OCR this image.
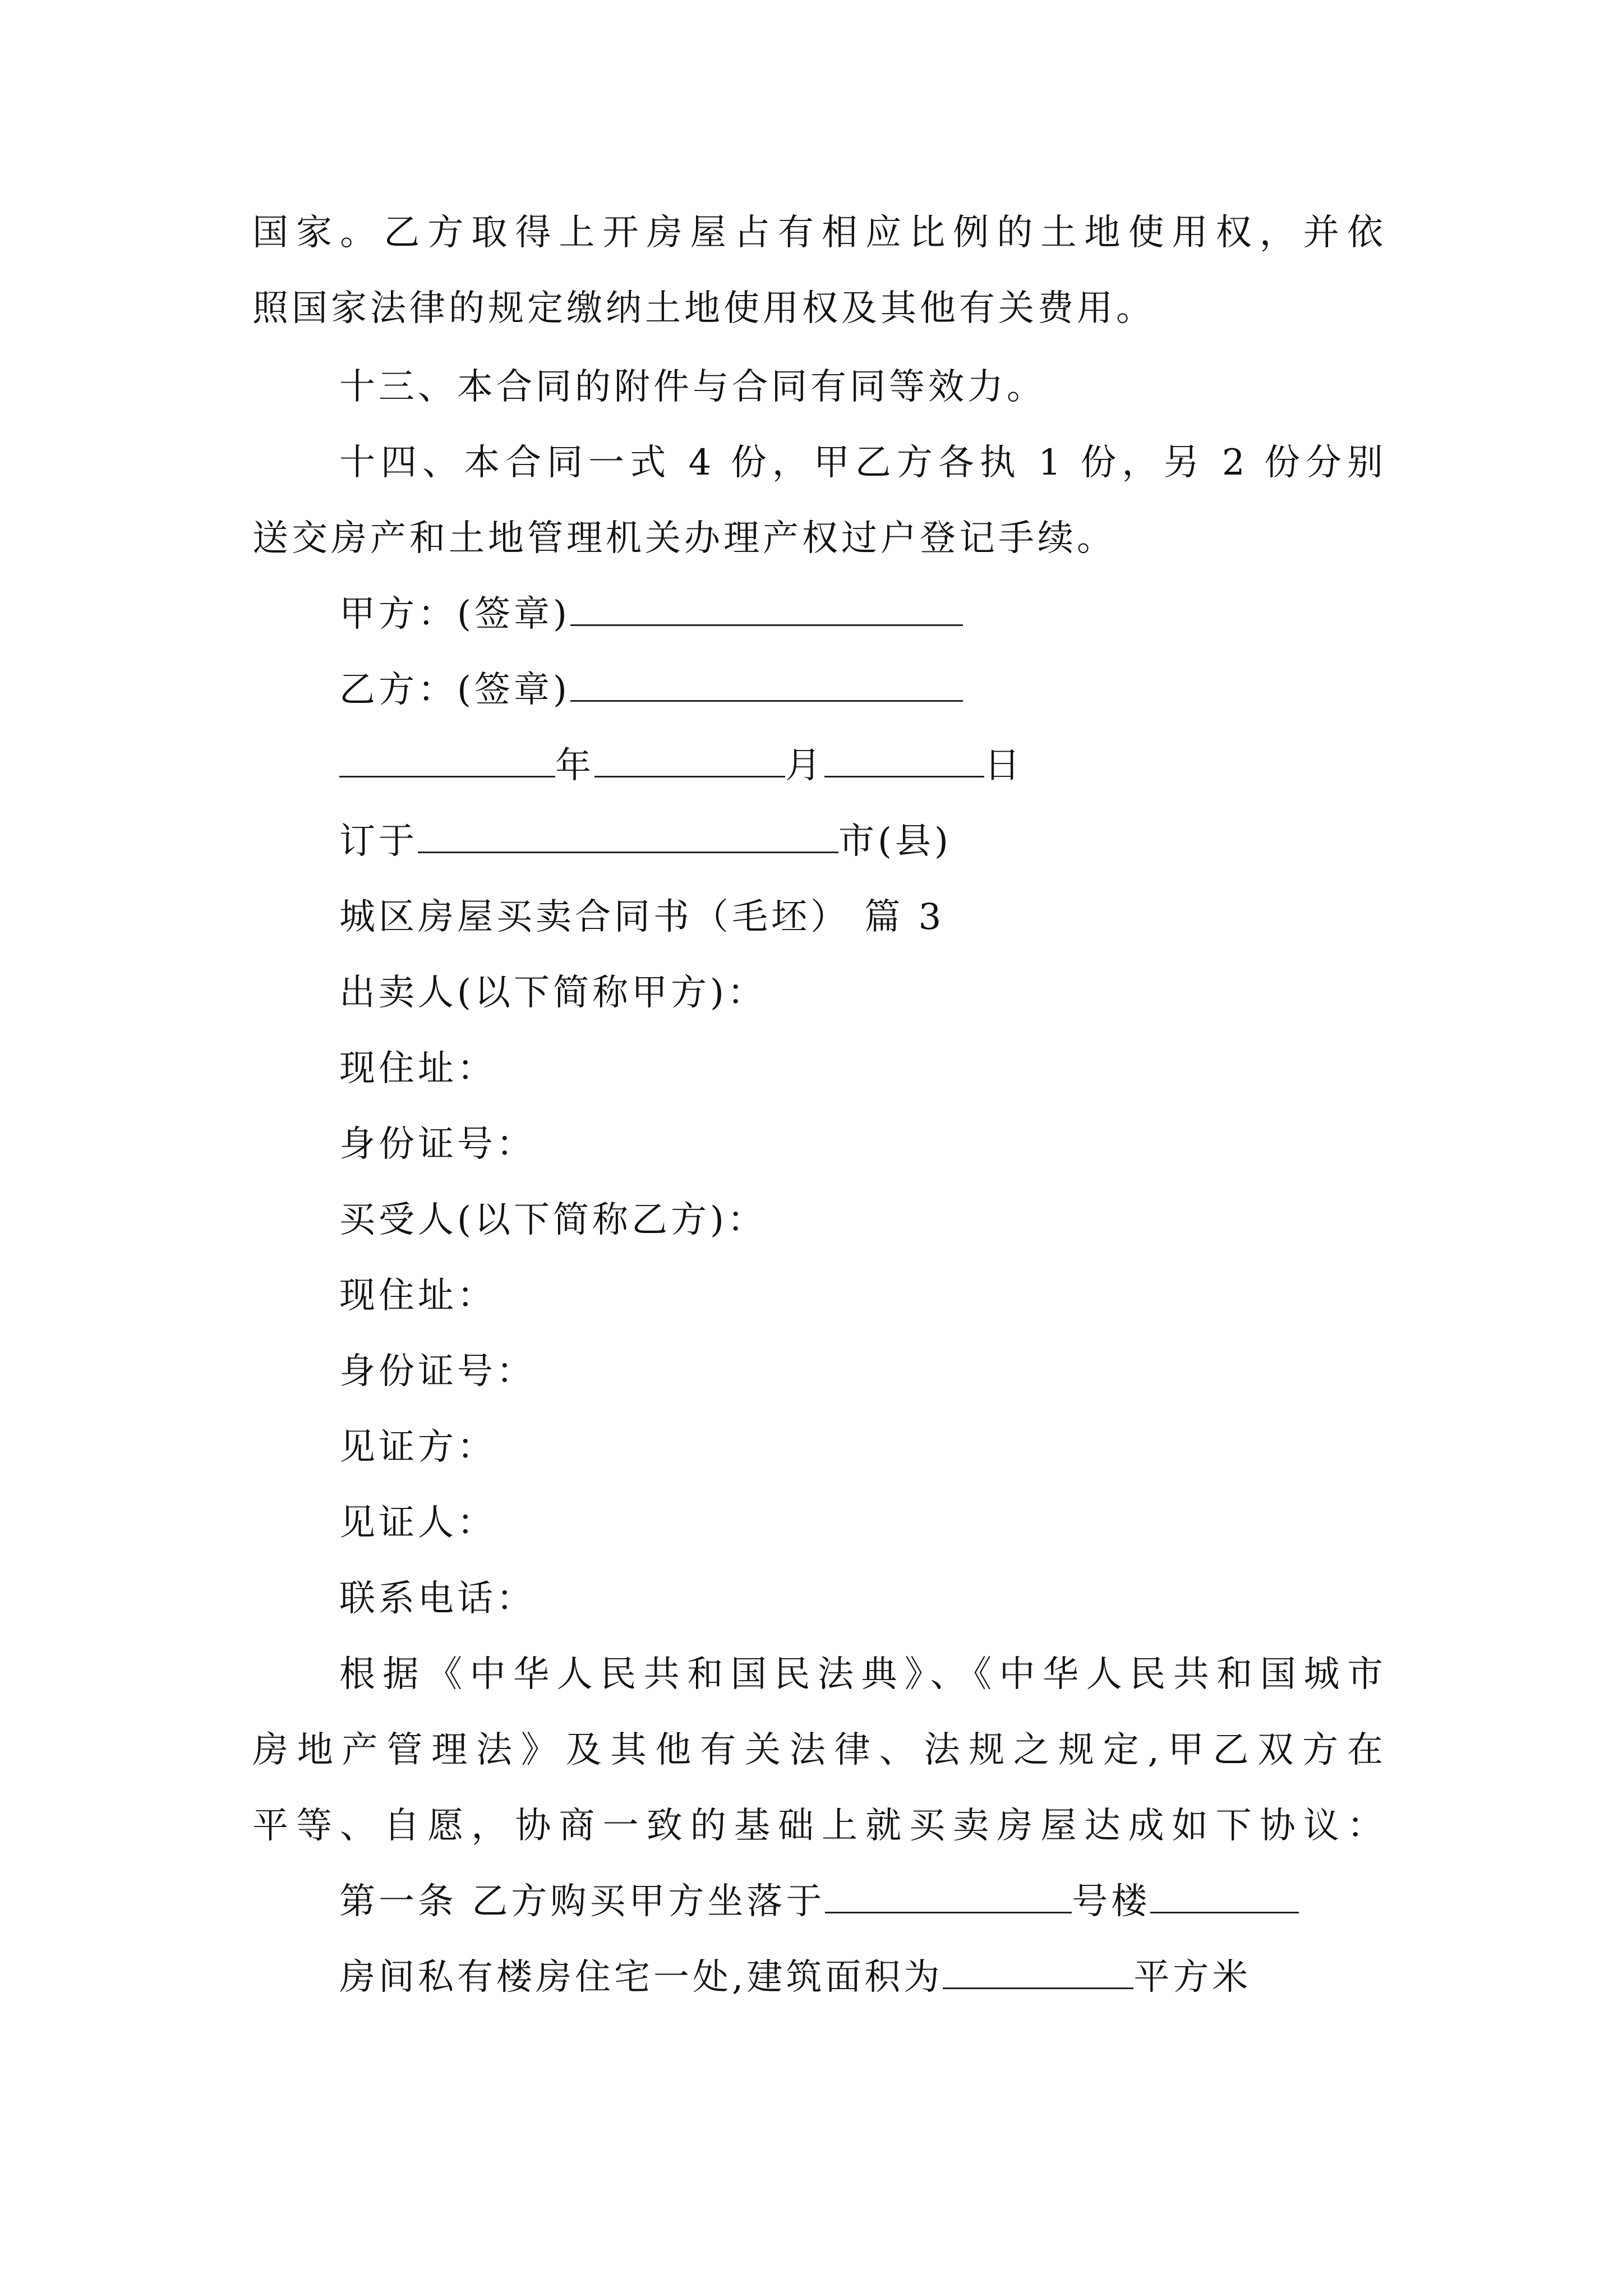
国家。乙方取得上开房屋占有相应比例的土地使用权，并依
照国家法律的规定缴纳土地使用权及其他有关费用。
十三、本合同的附件与合同有同等效力。
十四、本合同一式 4 份，甲乙方各执 1 份，另 2 份分别
送交房产和土地管理机关办理产权过户登记手续。
甲方：(签章)
乙方：(签章)
年	月	日
订于	市(县)
城区房屋买卖合同书（毛坯） 篇 3
出卖人(以下简称甲方)：
现住址：
身份证号：
买受人(以下简称乙方)：
现住址：
身份证号：
见证方：
见证人：
联系电话：
根据《中华人民共和国民法典》、《中华人民共和国城市
房地产管理法》及其他有关法律、法规之规定,甲乙双方在
平等、自愿，协商一致的基础上就买卖房屋达成如下协议：
第一条 乙方购买甲方坐落于	号楼
房间私有楼房住宅一处,建筑面积为	平方米
